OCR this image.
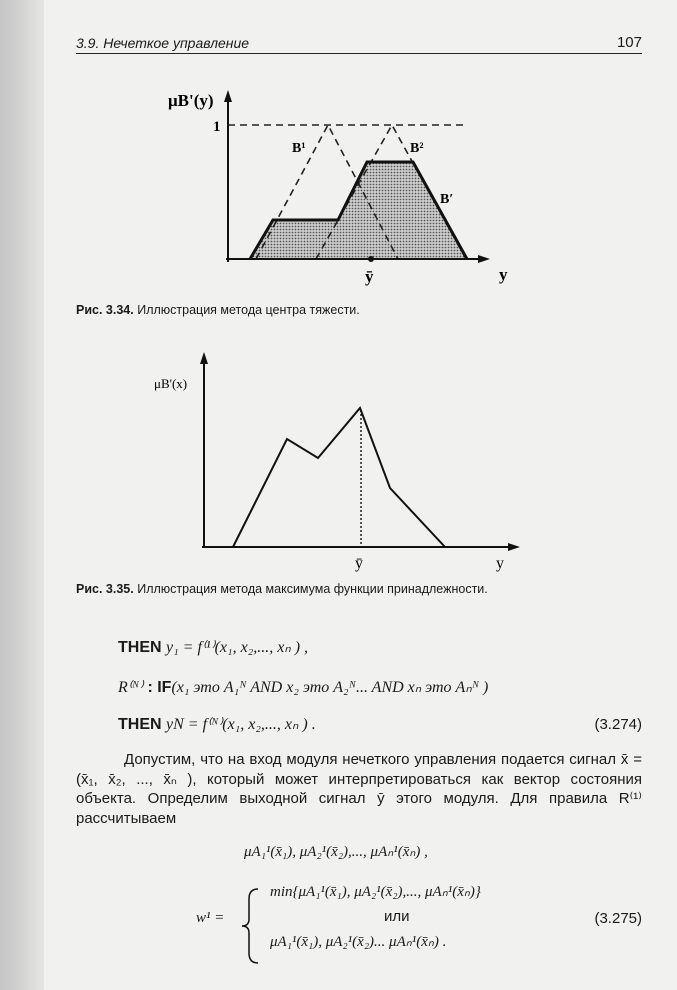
3.9. Нечеткое управление	107
μB'(y)
1
B¹	B²
B′
ȳ	y
Рис. 3.34. Иллюстрация метода центра тяжести.
μB'(x)
ȳ	y
Рис. 3.35. Иллюстрация метода максимума функции принадлежности.
THEN y₁ = f⁽¹⁾(x₁, x₂,..., xₙ ) ,
R⁽ᴺ⁾ : IF(x₁ это A₁ᴺ AND x₂ это A₂ᴺ... AND xₙ это Aₙᴺ )
THEN yN = f⁽ᴺ⁾(x₁, x₂,..., xₙ ) .	(3.274)
Допустим, что на вход модуля нечеткого управления подается сигнал x̄ = (x̄₁, x̄₂, ..., x̄ₙ ), который может интерпретироваться как вектор состояния объекта. Определим выходной сигнал ȳ этого модуля. Для правила R⁽¹⁾ рассчитываем
μA₁¹(x̄₁), μA₂¹(x̄₂),..., μAₙ¹(x̄ₙ) ,
w¹ =
min{μA₁¹(x̄₁), μA₂¹(x̄₂),..., μAₙ¹(x̄ₙ)}
или
μA₁¹(x̄₁), μA₂¹(x̄₂)... μAₙ¹(x̄ₙ) .
(3.275)
